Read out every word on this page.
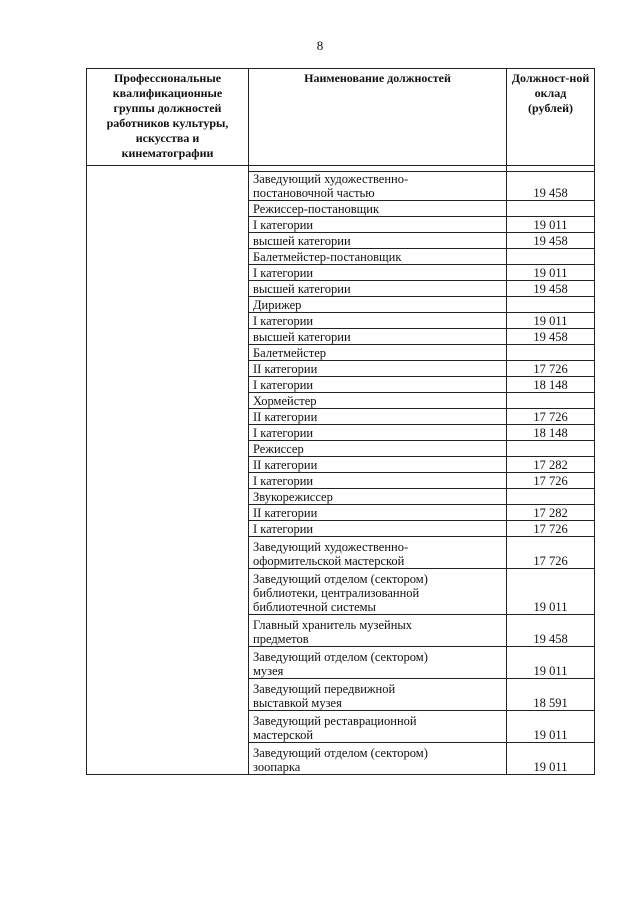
8
Профессиональные квалификационные группы должностей работников культуры, искусства и кинематографии	Наименование должностей	Должност-ной оклад (рублей)

	Заведующий художественно-
постановочной частью	19 458
	Режиссер-постановщик	
	I категории	19 011
	высшей категории	19 458
	Балетмейстер-постановщик	
	I категории	19 011
	высшей категории	19 458
	Дирижер	
	I категории	19 011
	высшей категории	19 458
	Балетмейстер	
	II категории	17 726
	I категории	18 148
	Хормейстер	
	II категории	17 726
	I категории	18 148
	Режиссер	
	II категории	17 282
	I категории	17 726
	Звукорежиссер	
	II категории	17 282
	I категории	17 726
	Заведующий художественно-
оформительской мастерской	17 726
	Заведующий отделом (сектором)
библиотеки, централизованной
библиотечной системы	19 011
	Главный хранитель музейных
предметов	19 458
	Заведующий отделом (сектором)
музея	19 011
	Заведующий передвижной
выставкой музея	18 591
	Заведующий реставрационной
мастерской	19 011
	Заведующий отделом (сектором)
зоопарка	19 011
